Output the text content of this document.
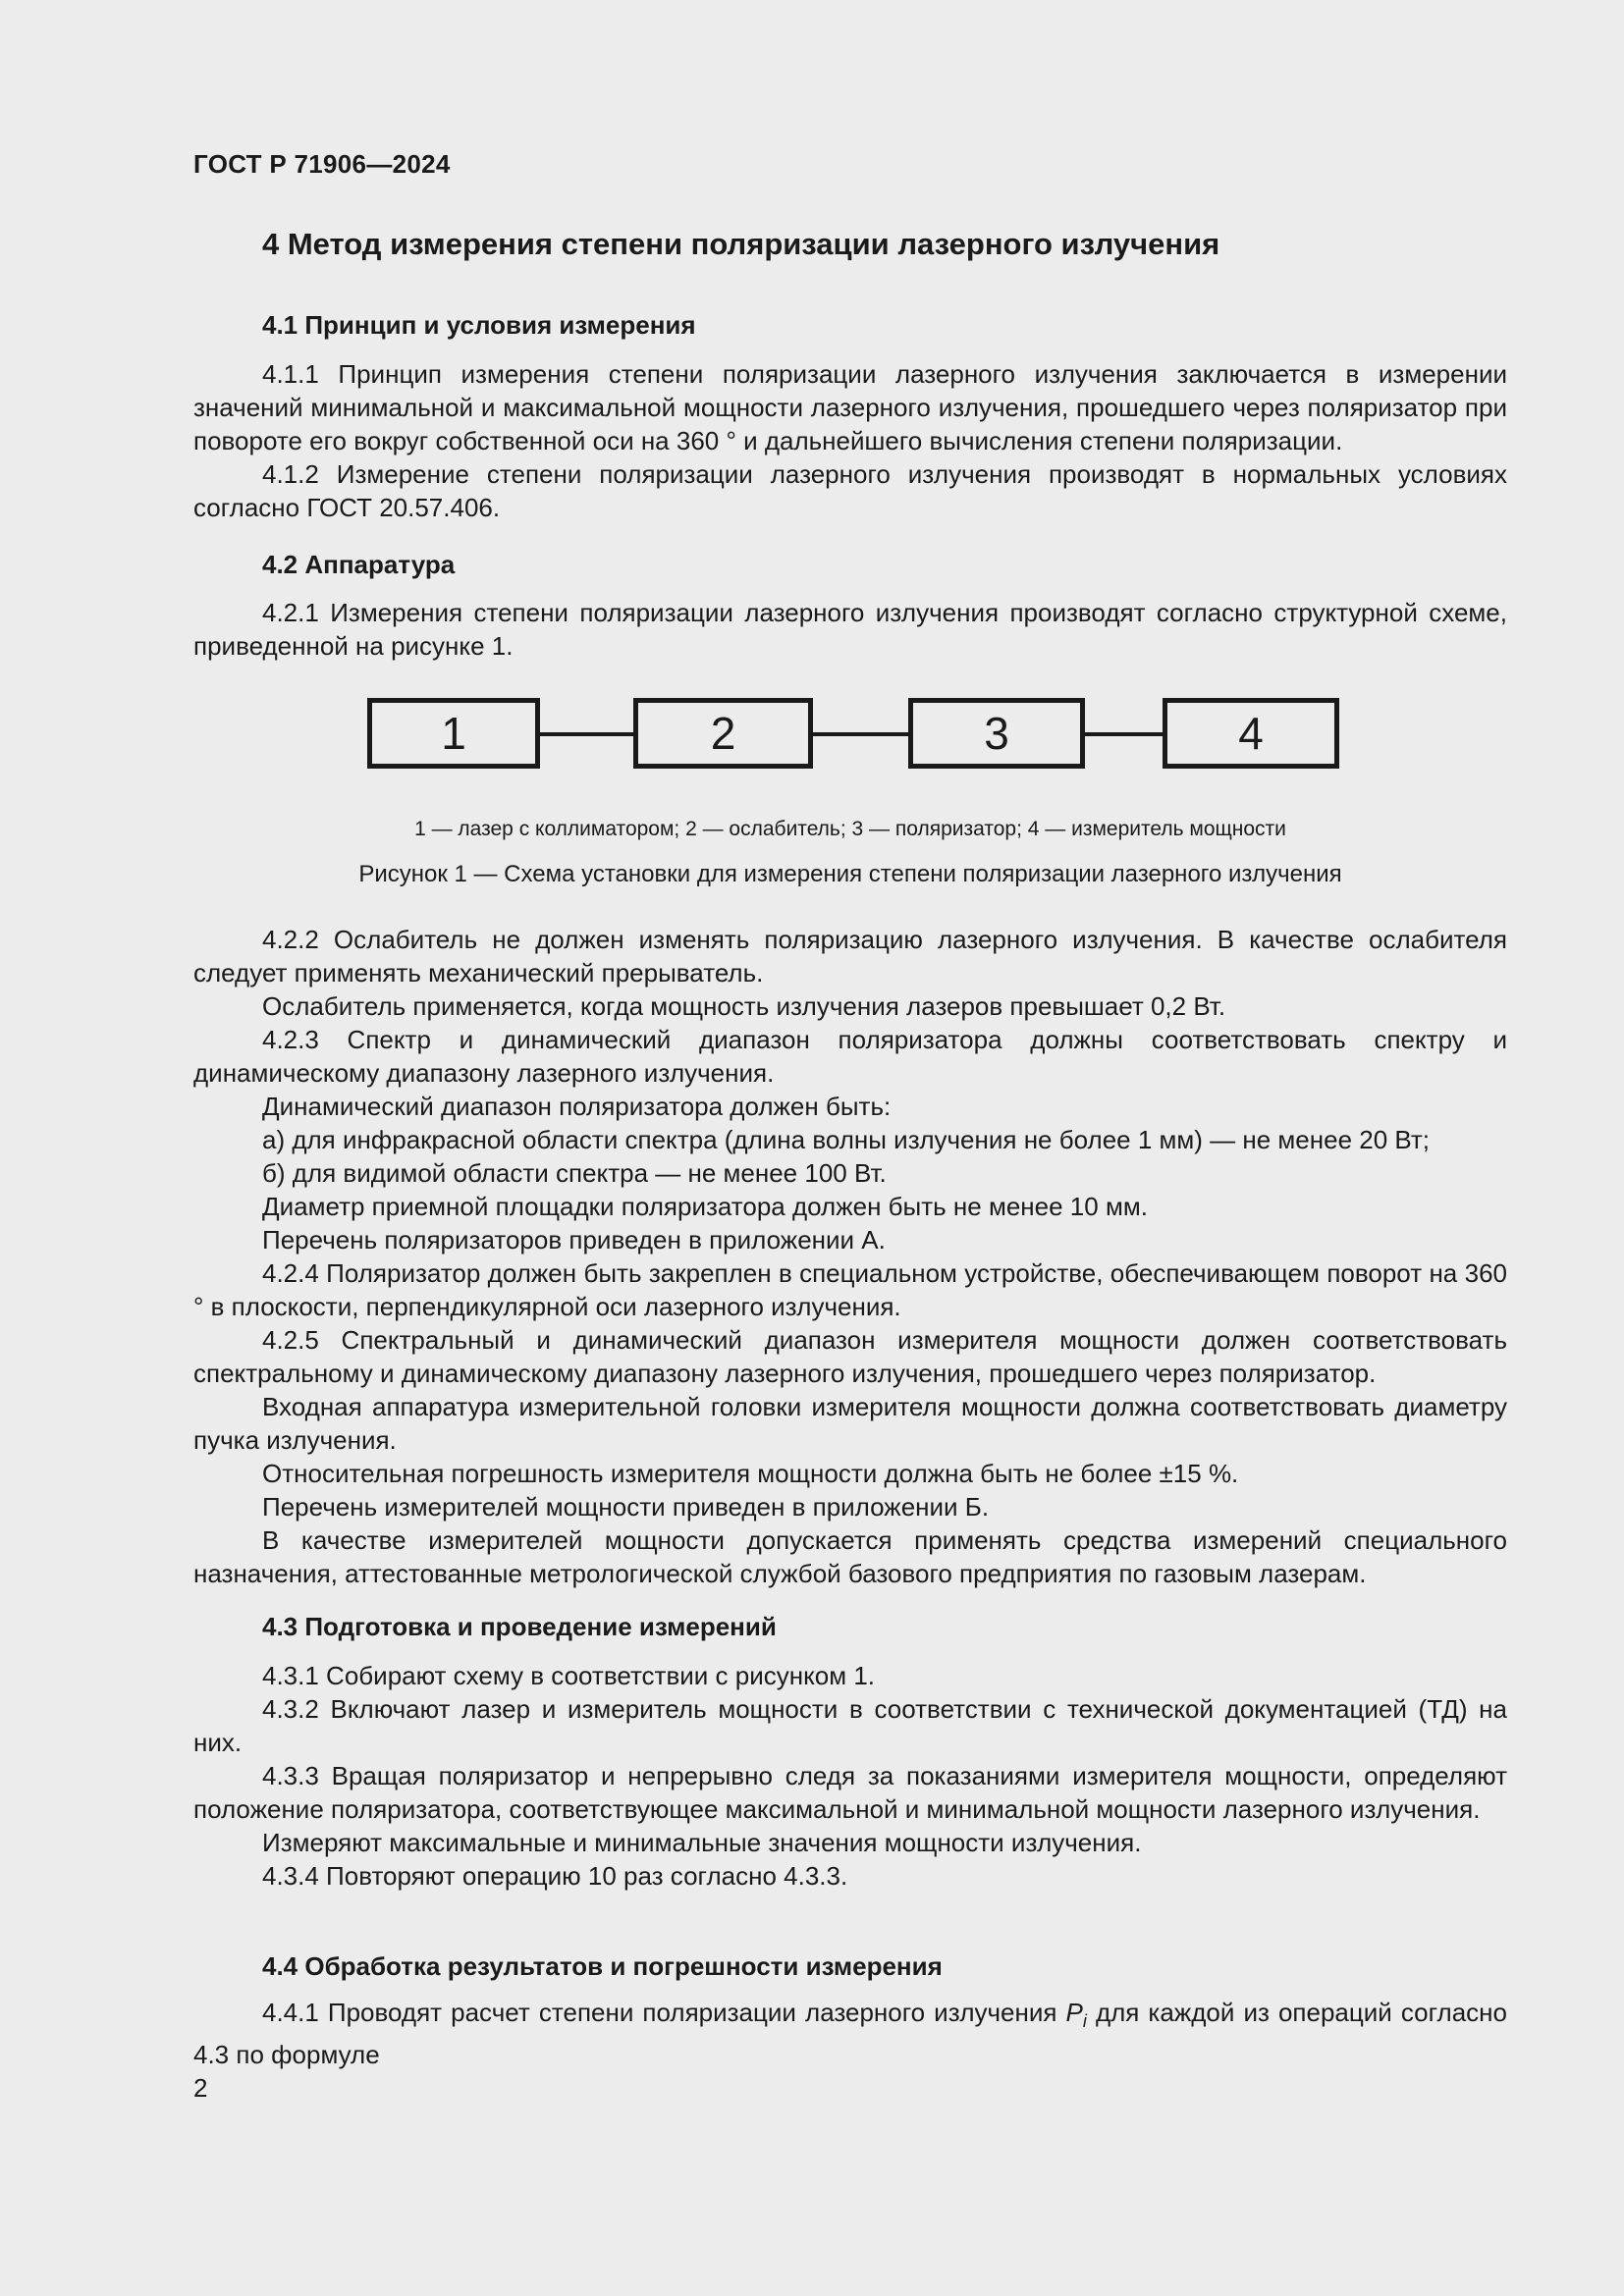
ГОСТ Р 71906—2024
4 Метод измерения степени поляризации лазерного излучения
4.1 Принцип и условия измерения

4.1.1 Принцип измерения степени поляризации лазерного излучения заключается в измерении значений минимальной и максимальной мощности лазерного излучения, прошедшего через поляризатор при повороте его вокруг собственной оси на 360 ° и дальнейшего вычисления степени поляризации.

4.1.2 Измерение степени поляризации лазерного излучения производят в нормальных условиях согласно ГОСТ 20.57.406.

4.2 Аппаратура

4.2.1 Измерения степени поляризации лазерного излучения производят согласно структурной схеме, приведенной на рисунке 1.

1	2	3	4
1 — лазер с коллиматором; 2 — ослабитель; 3 — поляризатор; 4 — измеритель мощности
Рисунок 1 — Схема установки для измерения степени поляризации лазерного излучения

4.2.2 Ослабитель не должен изменять поляризацию лазерного излучения. В качестве ослабителя следует применять механический прерыватель.

Ослабитель применяется, когда мощность излучения лазеров превышает 0,2 Вт.

4.2.3 Спектр и динамический диапазон поляризатора должны соответствовать спектру и динамическому диапазону лазерного излучения.

Динамический диапазон поляризатора должен быть:

а) для инфракрасной области спектра (длина волны излучения не более 1 мм) — не менее 20 Вт;

б) для видимой области спектра — не менее 100 Вт.

Диаметр приемной площадки поляризатора должен быть не менее 10 мм.

Перечень поляризаторов приведен в приложении А.

4.2.4 Поляризатор должен быть закреплен в специальном устройстве, обеспечивающем поворот на 360 ° в плоскости, перпендикулярной оси лазерного излучения.

4.2.5 Спектральный и динамический диапазон измерителя мощности должен соответствовать спектральному и динамическому диапазону лазерного излучения, прошедшего через поляризатор.

Входная аппаратура измерительной головки измерителя мощности должна соответствовать диаметру пучка излучения.

Относительная погрешность измерителя мощности должна быть не более ±15 %.

Перечень измерителей мощности приведен в приложении Б.

В качестве измерителей мощности допускается применять средства измерений специального назначения, аттестованные метрологической службой базового предприятия по газовым лазерам.

4.3 Подготовка и проведение измерений

4.3.1 Собирают схему в соответствии с рисунком 1.

4.3.2 Включают лазер и измеритель мощности в соответствии с технической документацией (ТД) на них.

4.3.3 Вращая поляризатор и непрерывно следя за показаниями измерителя мощности, определяют положение поляризатора, соответствующее максимальной и минимальной мощности лазерного излучения.

Измеряют максимальные и минимальные значения мощности излучения.

4.3.4 Повторяют операцию 10 раз согласно 4.3.3.

4.4 Обработка результатов и погрешности измерения

4.4.1 Проводят расчет степени поляризации лазерного излучения $P_i$ для каждой из операций согласно 4.3 по формуле

2
